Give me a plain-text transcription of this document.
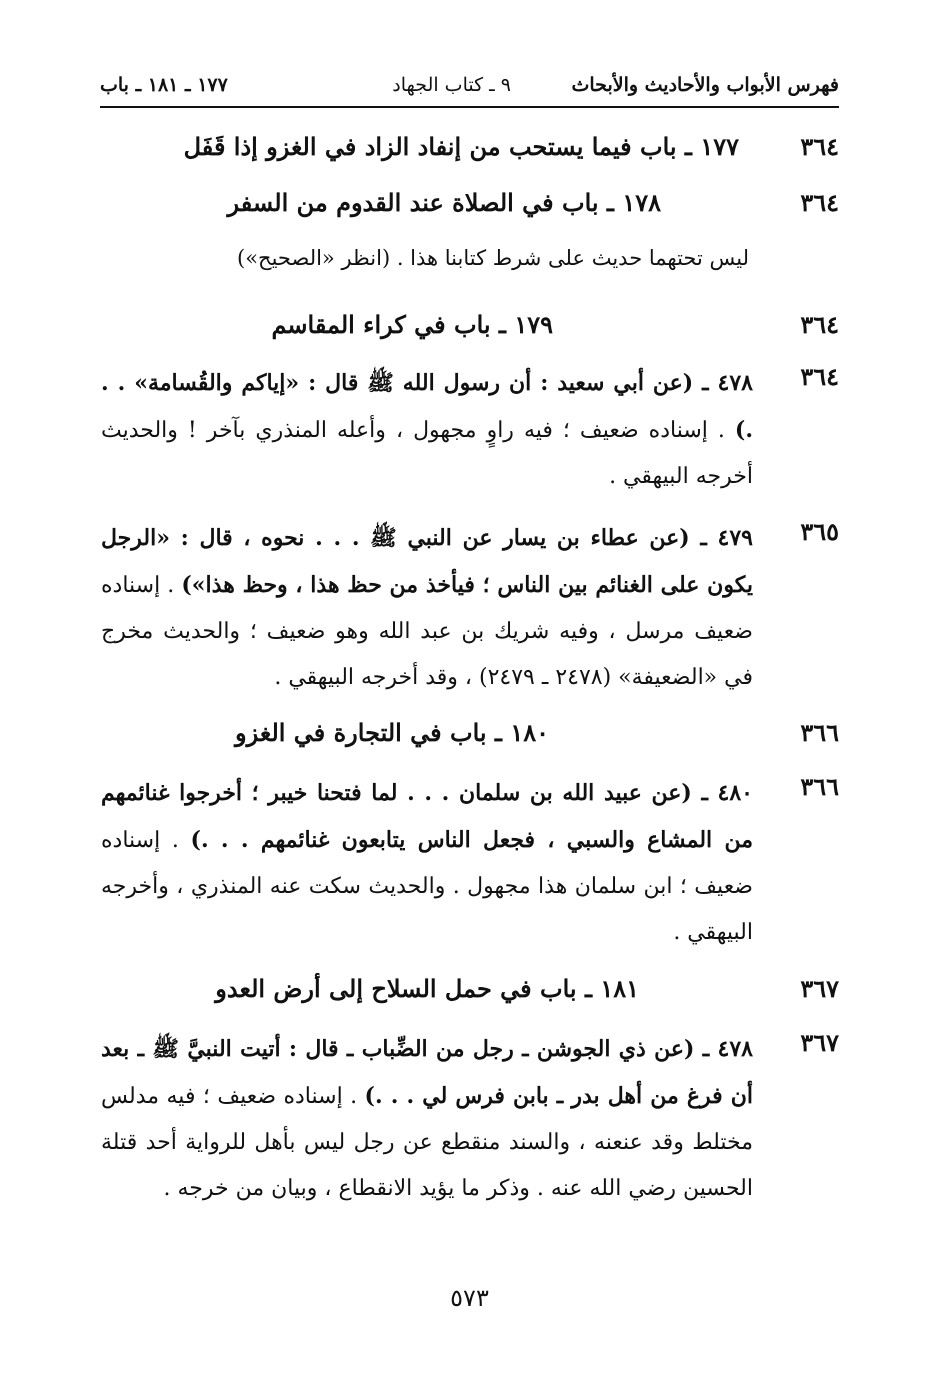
فهرس الأبواب والأحاديث والأبحاث
٩ ـ كتاب الجهاد
١٧٧ ـ ١٨١ ـ باب
٣٦٤
١٧٧ ـ باب فيما يستحب من إنفاد الزاد في الغزو إذا قَفَل
٣٦٤
١٧٨ ـ باب في الصلاة عند القدوم من السفر
ليس تحتهما حديث على شرط كتابنا هذا . (انظر «الصحيح»)
٣٦٤
١٧٩ ـ باب في كراء المقاسم
٣٦٤
٤٧٨ ـ (عن أبي سعيد : أن رسول الله ﷺ قال : «إياكم والقُسامة» . . .) . إسناده ضعيف ؛ فيه راوٍ مجهول ، وأعله المنذري بآخر ! والحديث أخرجه البيهقي .
٣٦٥
٤٧٩ ـ (عن عطاء بن يسار عن النبي ﷺ . . . نحوه ، قال : «الرجل يكون على الغنائم بين الناس ؛ فيأخذ من حظ هذا ، وحظ هذا») . إسناده ضعيف مرسل ، وفيه شريك بن عبد الله وهو ضعيف ؛ والحديث مخرج في «الضعيفة» (٢٤٧٨ ـ ٢٤٧٩) ، وقد أخرجه البيهقي .
٣٦٦
١٨٠ ـ باب في التجارة في الغزو
٣٦٦
٤٨٠ ـ (عن عبيد الله بن سلمان . . . لما فتحنا خيبر ؛ أخرجوا غنائمهم من المشاع والسبي ، فجعل الناس يتابعون غنائمهم . . .) . إسناده ضعيف ؛ ابن سلمان هذا مجهول . والحديث سكت عنه المنذري ، وأخرجه البيهقي .
٣٦٧
١٨١ ـ باب في حمل السلاح إلى أرض العدو
٣٦٧
٤٧٨ ـ (عن ذي الجوشن ـ رجل من الضِّباب ـ قال : أتيت النبيَّ ﷺ ـ بعد أن فرغ من أهل بدر ـ بابن فرس لي . . .) . إسناده ضعيف ؛ فيه مدلس مختلط وقد عنعنه ، والسند منقطع عن رجل ليس بأهل للرواية أحد قتلة الحسين رضي الله عنه . وذكر ما يؤيد الانقطاع ، وبيان من خرجه .
٥٧٣
